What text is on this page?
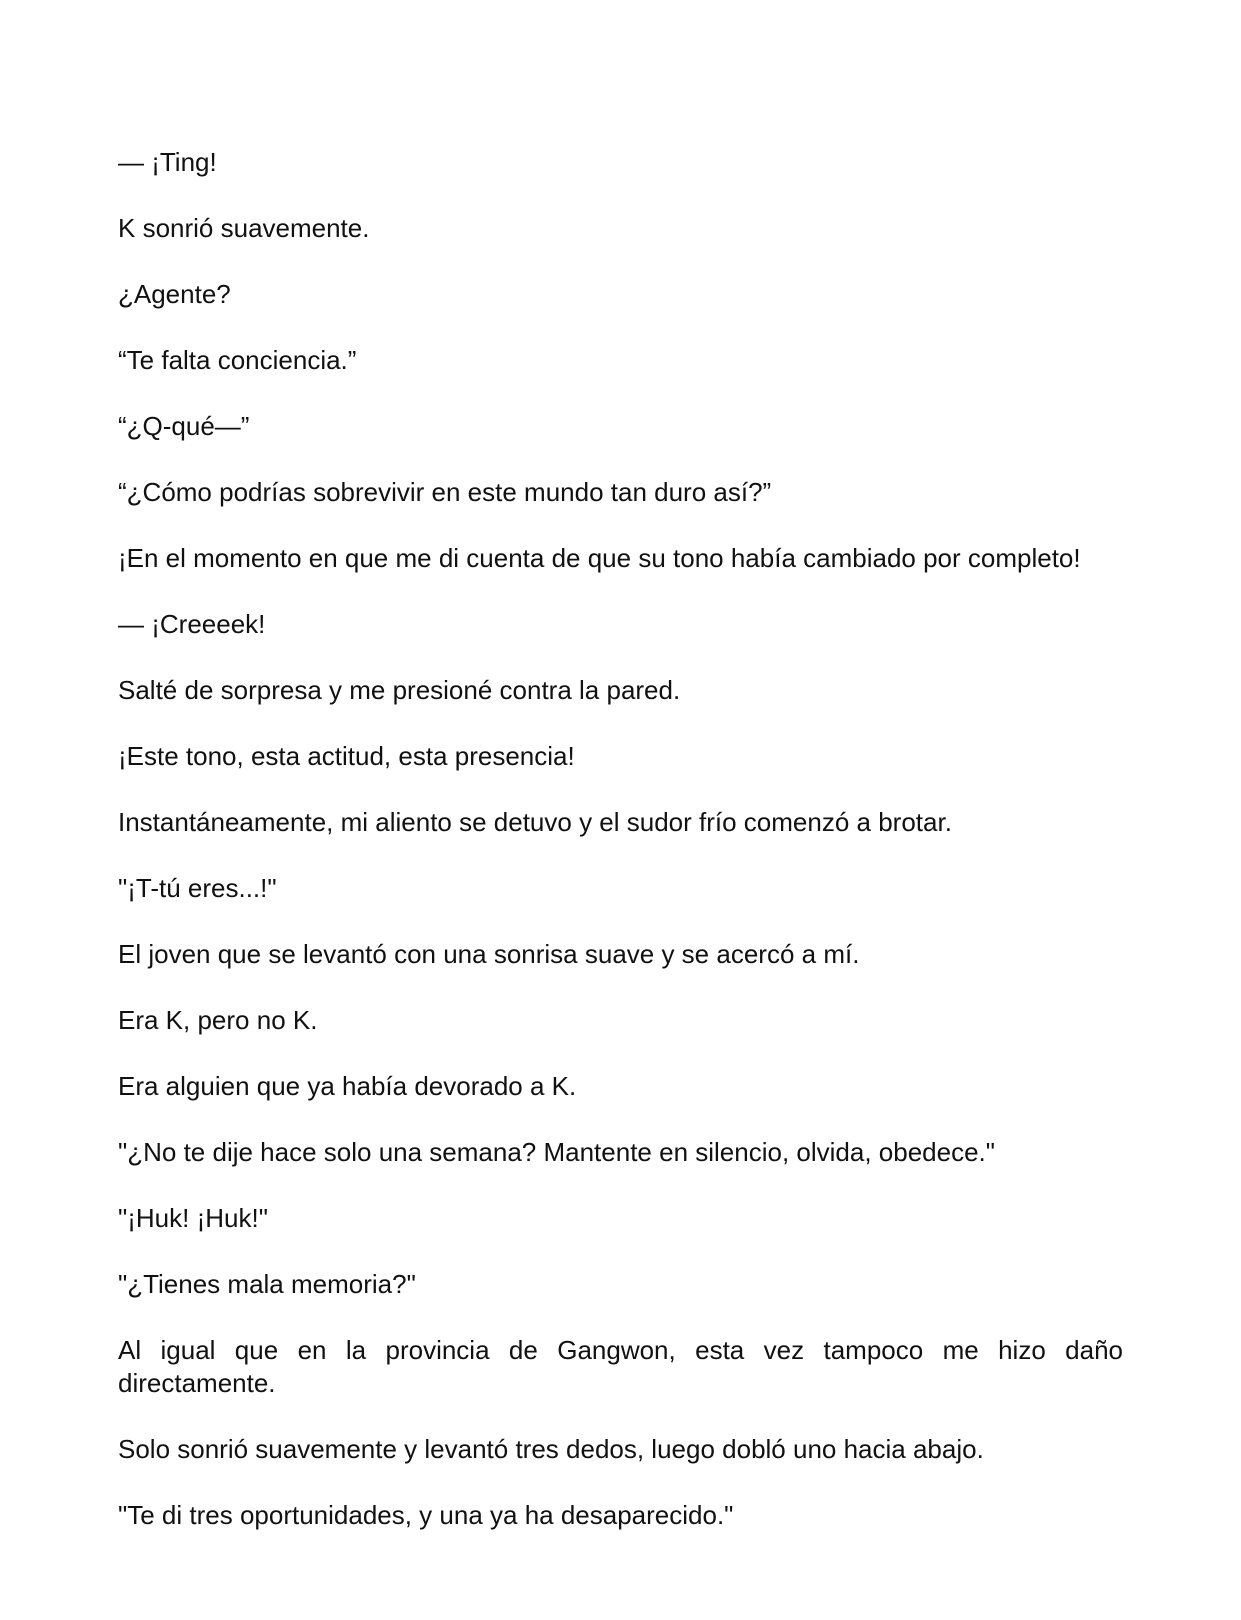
— ¡Ting!

K sonrió suavemente.

¿Agente?

“Te falta conciencia.”

“¿Q-qué—”

“¿Cómo podrías sobrevivir en este mundo tan duro así?”

¡En el momento en que me di cuenta de que su tono había cambiado por completo!

— ¡Creeeek!

Salté de sorpresa y me presioné contra la pared.

¡Este tono, esta actitud, esta presencia!

Instantáneamente, mi aliento se detuvo y el sudor frío comenzó a brotar.

"¡T-tú eres...!"

El joven que se levantó con una sonrisa suave y se acercó a mí.

Era K, pero no K.

Era alguien que ya había devorado a K.

"¿No te dije hace solo una semana? Mantente en silencio, olvida, obedece."

"¡Huk! ¡Huk!"

"¿Tienes mala memoria?"

Al igual que en la provincia de Gangwon, esta vez tampoco me hizo daño directamente.

Solo sonrió suavemente y levantó tres dedos, luego dobló uno hacia abajo.

"Te di tres oportunidades, y una ya ha desaparecido."
